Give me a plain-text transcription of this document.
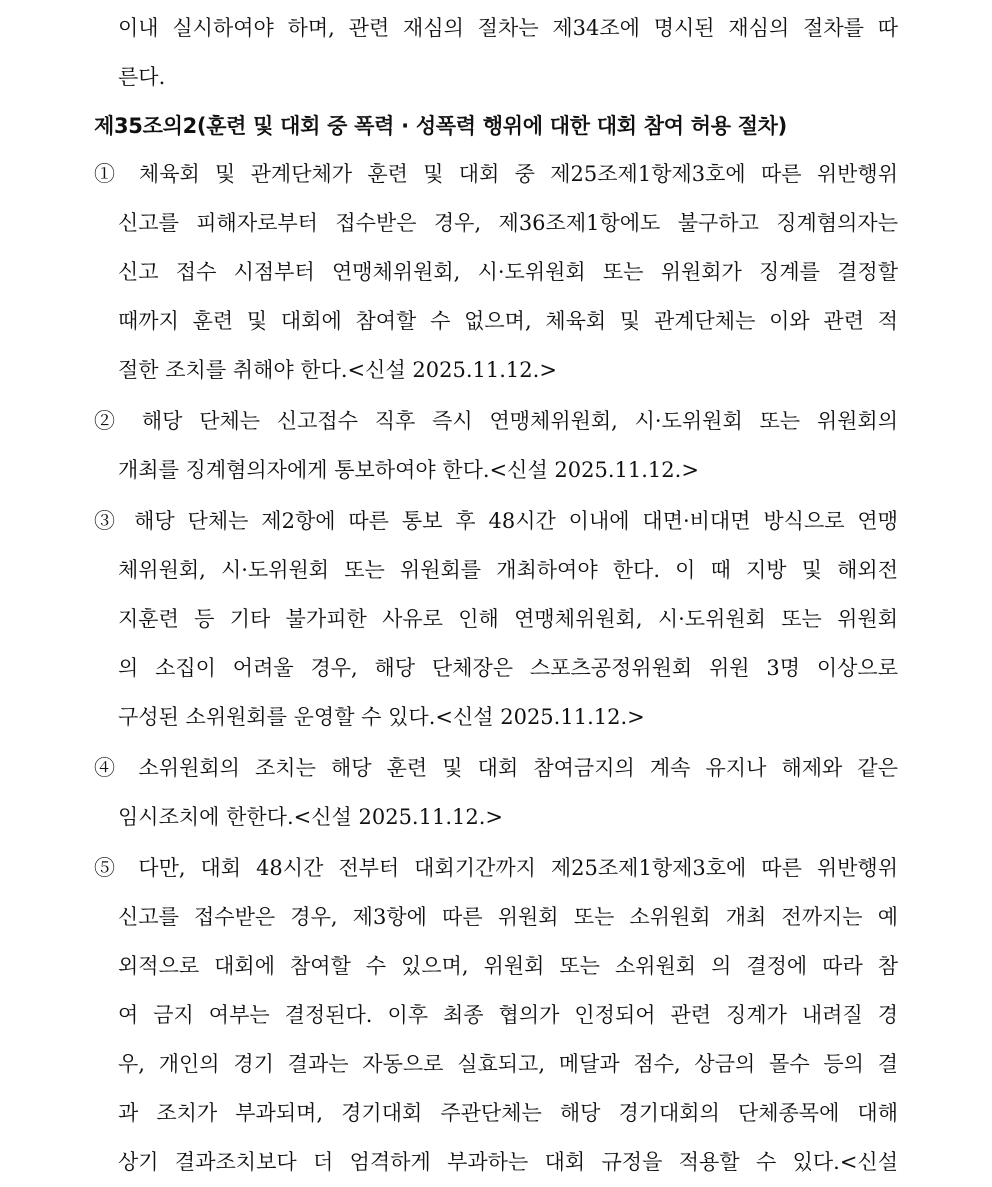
이내 실시하여야 하며, 관련 재심의 절차는 제34조에 명시된 재심의 절차를 따
른다.
제35조의2(훈련 및 대회 중 폭력 · 성폭력 행위에 대한 대회 참여 허용 절차)
① 체육회 및 관계단체가 훈련 및 대회 중 제25조제1항제3호에 따른 위반행위
신고를 피해자로부터 접수받은 경우, 제36조제1항에도 불구하고 징계혐의자는
신고 접수 시점부터 연맹체위원회, 시·도위원회 또는 위원회가 징계를 결정할
때까지 훈련 및 대회에 참여할 수 없으며, 체육회 및 관계단체는 이와 관련 적
절한 조치를 취해야 한다.<신설 2025.11.12.>
② 해당 단체는 신고접수 직후 즉시 연맹체위원회, 시·도위원회 또는 위원회의
개최를 징계혐의자에게 통보하여야 한다.<신설 2025.11.12.>
③ 해당 단체는 제2항에 따른 통보 후 48시간 이내에 대면·비대면 방식으로 연맹
체위원회, 시·도위원회 또는 위원회를 개최하여야 한다. 이 때 지방 및 해외전
지훈련 등 기타 불가피한 사유로 인해 연맹체위원회, 시·도위원회 또는 위원회
의 소집이 어려울 경우, 해당 단체장은 스포츠공정위원회 위원 3명 이상으로
구성된 소위원회를 운영할 수 있다.<신설 2025.11.12.>
④ 소위원회의 조치는 해당 훈련 및 대회 참여금지의 계속 유지나 해제와 같은
임시조치에 한한다.<신설 2025.11.12.>
⑤ 다만, 대회 48시간 전부터 대회기간까지 제25조제1항제3호에 따른 위반행위
신고를 접수받은 경우, 제3항에 따른 위원회 또는 소위원회 개최 전까지는 예
외적으로 대회에 참여할 수 있으며, 위원회 또는 소위원회 의 결정에 따라 참
여 금지 여부는 결정된다. 이후 최종 협의가 인정되어 관련 징계가 내려질 경
우, 개인의 경기 결과는 자동으로 실효되고, 메달과 점수, 상금의 몰수 등의 결
과 조치가 부과되며, 경기대회 주관단체는 해당 경기대회의 단체종목에 대해
상기 결과조치보다 더 엄격하게 부과하는 대회 규정을 적용할 수 있다.<신설
